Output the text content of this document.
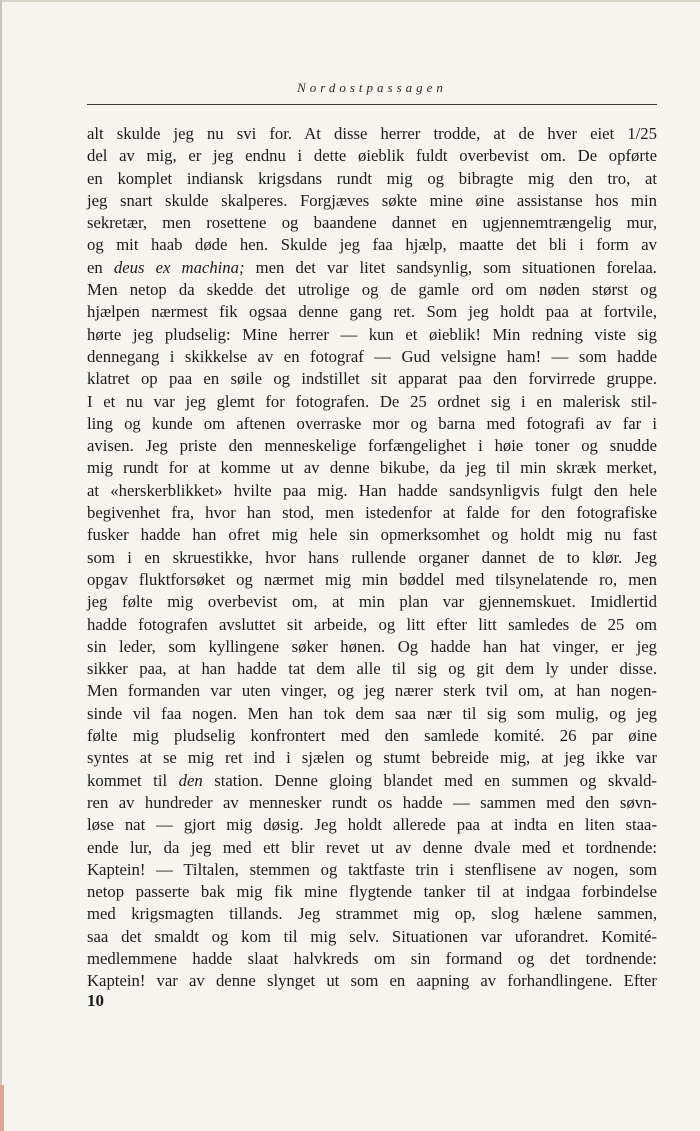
Nordostpassagen
alt skulde jeg nu svi for. At disse herrer trodde, at de hver eiet 1/25
del av mig, er jeg endnu i dette øieblik fuldt overbevist om. De opførte
en komplet indiansk krigsdans rundt mig og bibragte mig den tro, at
jeg snart skulde skalperes. Forgjæves søkte mine øine assistanse hos min
sekretær, men rosettene og baandene dannet en ugjennemtrængelig mur,
og mit haab døde hen. Skulde jeg faa hjælp, maatte det bli i form av
en deus ex machina; men det var litet sandsynlig, som situationen forelaa.
Men netop da skedde det utrolige og de gamle ord om nøden størst og
hjælpen nærmest fik ogsaa denne gang ret. Som jeg holdt paa at fortvile,
hørte jeg pludselig: Mine herrer — kun et øieblik! Min redning viste sig
dennegang i skikkelse av en fotograf — Gud velsigne ham! — som hadde
klatret op paa en søile og indstillet sit apparat paa den forvirrede gruppe.
I et nu var jeg glemt for fotografen. De 25 ordnet sig i en malerisk stil-
ling og kunde om aftenen overraske mor og barna med fotografi av far i
avisen. Jeg priste den menneskelige forfængelighet i høie toner og snudde
mig rundt for at komme ut av denne bikube, da jeg til min skræk merket,
at «herskerblikket» hvilte paa mig. Han hadde sandsynligvis fulgt den hele
begivenhet fra, hvor han stod, men istedenfor at falde for den fotografiske
fusker hadde han ofret mig hele sin opmerksomhet og holdt mig nu fast
som i en skruestikke, hvor hans rullende organer dannet de to klør. Jeg
opgav fluktforsøket og nærmet mig min bøddel med tilsynelatende ro, men
jeg følte mig overbevist om, at min plan var gjennemskuet. Imidlertid
hadde fotografen avsluttet sit arbeide, og litt efter litt samledes de 25 om
sin leder, som kyllingene søker hønen. Og hadde han hat vinger, er jeg
sikker paa, at han hadde tat dem alle til sig og git dem ly under disse.
Men formanden var uten vinger, og jeg nærer sterk tvil om, at han nogen-
sinde vil faa nogen. Men han tok dem saa nær til sig som mulig, og jeg
følte mig pludselig konfrontert med den samlede komité. 26 par øine
syntes at se mig ret ind i sjælen og stumt bebreide mig, at jeg ikke var
kommet til den station. Denne gloing blandet med en summen og skvald-
ren av hundreder av mennesker rundt os hadde — sammen med den søvn-
løse nat — gjort mig døsig. Jeg holdt allerede paa at indta en liten staa-
ende lur, da jeg med ett blir revet ut av denne dvale med et tordnende:
Kaptein! — Tiltalen, stemmen og taktfaste trin i stenflisene av nogen, som
netop passerte bak mig fik mine flygtende tanker til at indgaa forbindelse
med krigsmagten tillands. Jeg strammet mig op, slog hælene sammen,
saa det smaldt og kom til mig selv. Situationen var uforandret. Komité-
medlemmene hadde slaat halvkreds om sin formand og det tordnende:
Kaptein! var av denne slynget ut som en aapning av forhandlingene. Efter
10
